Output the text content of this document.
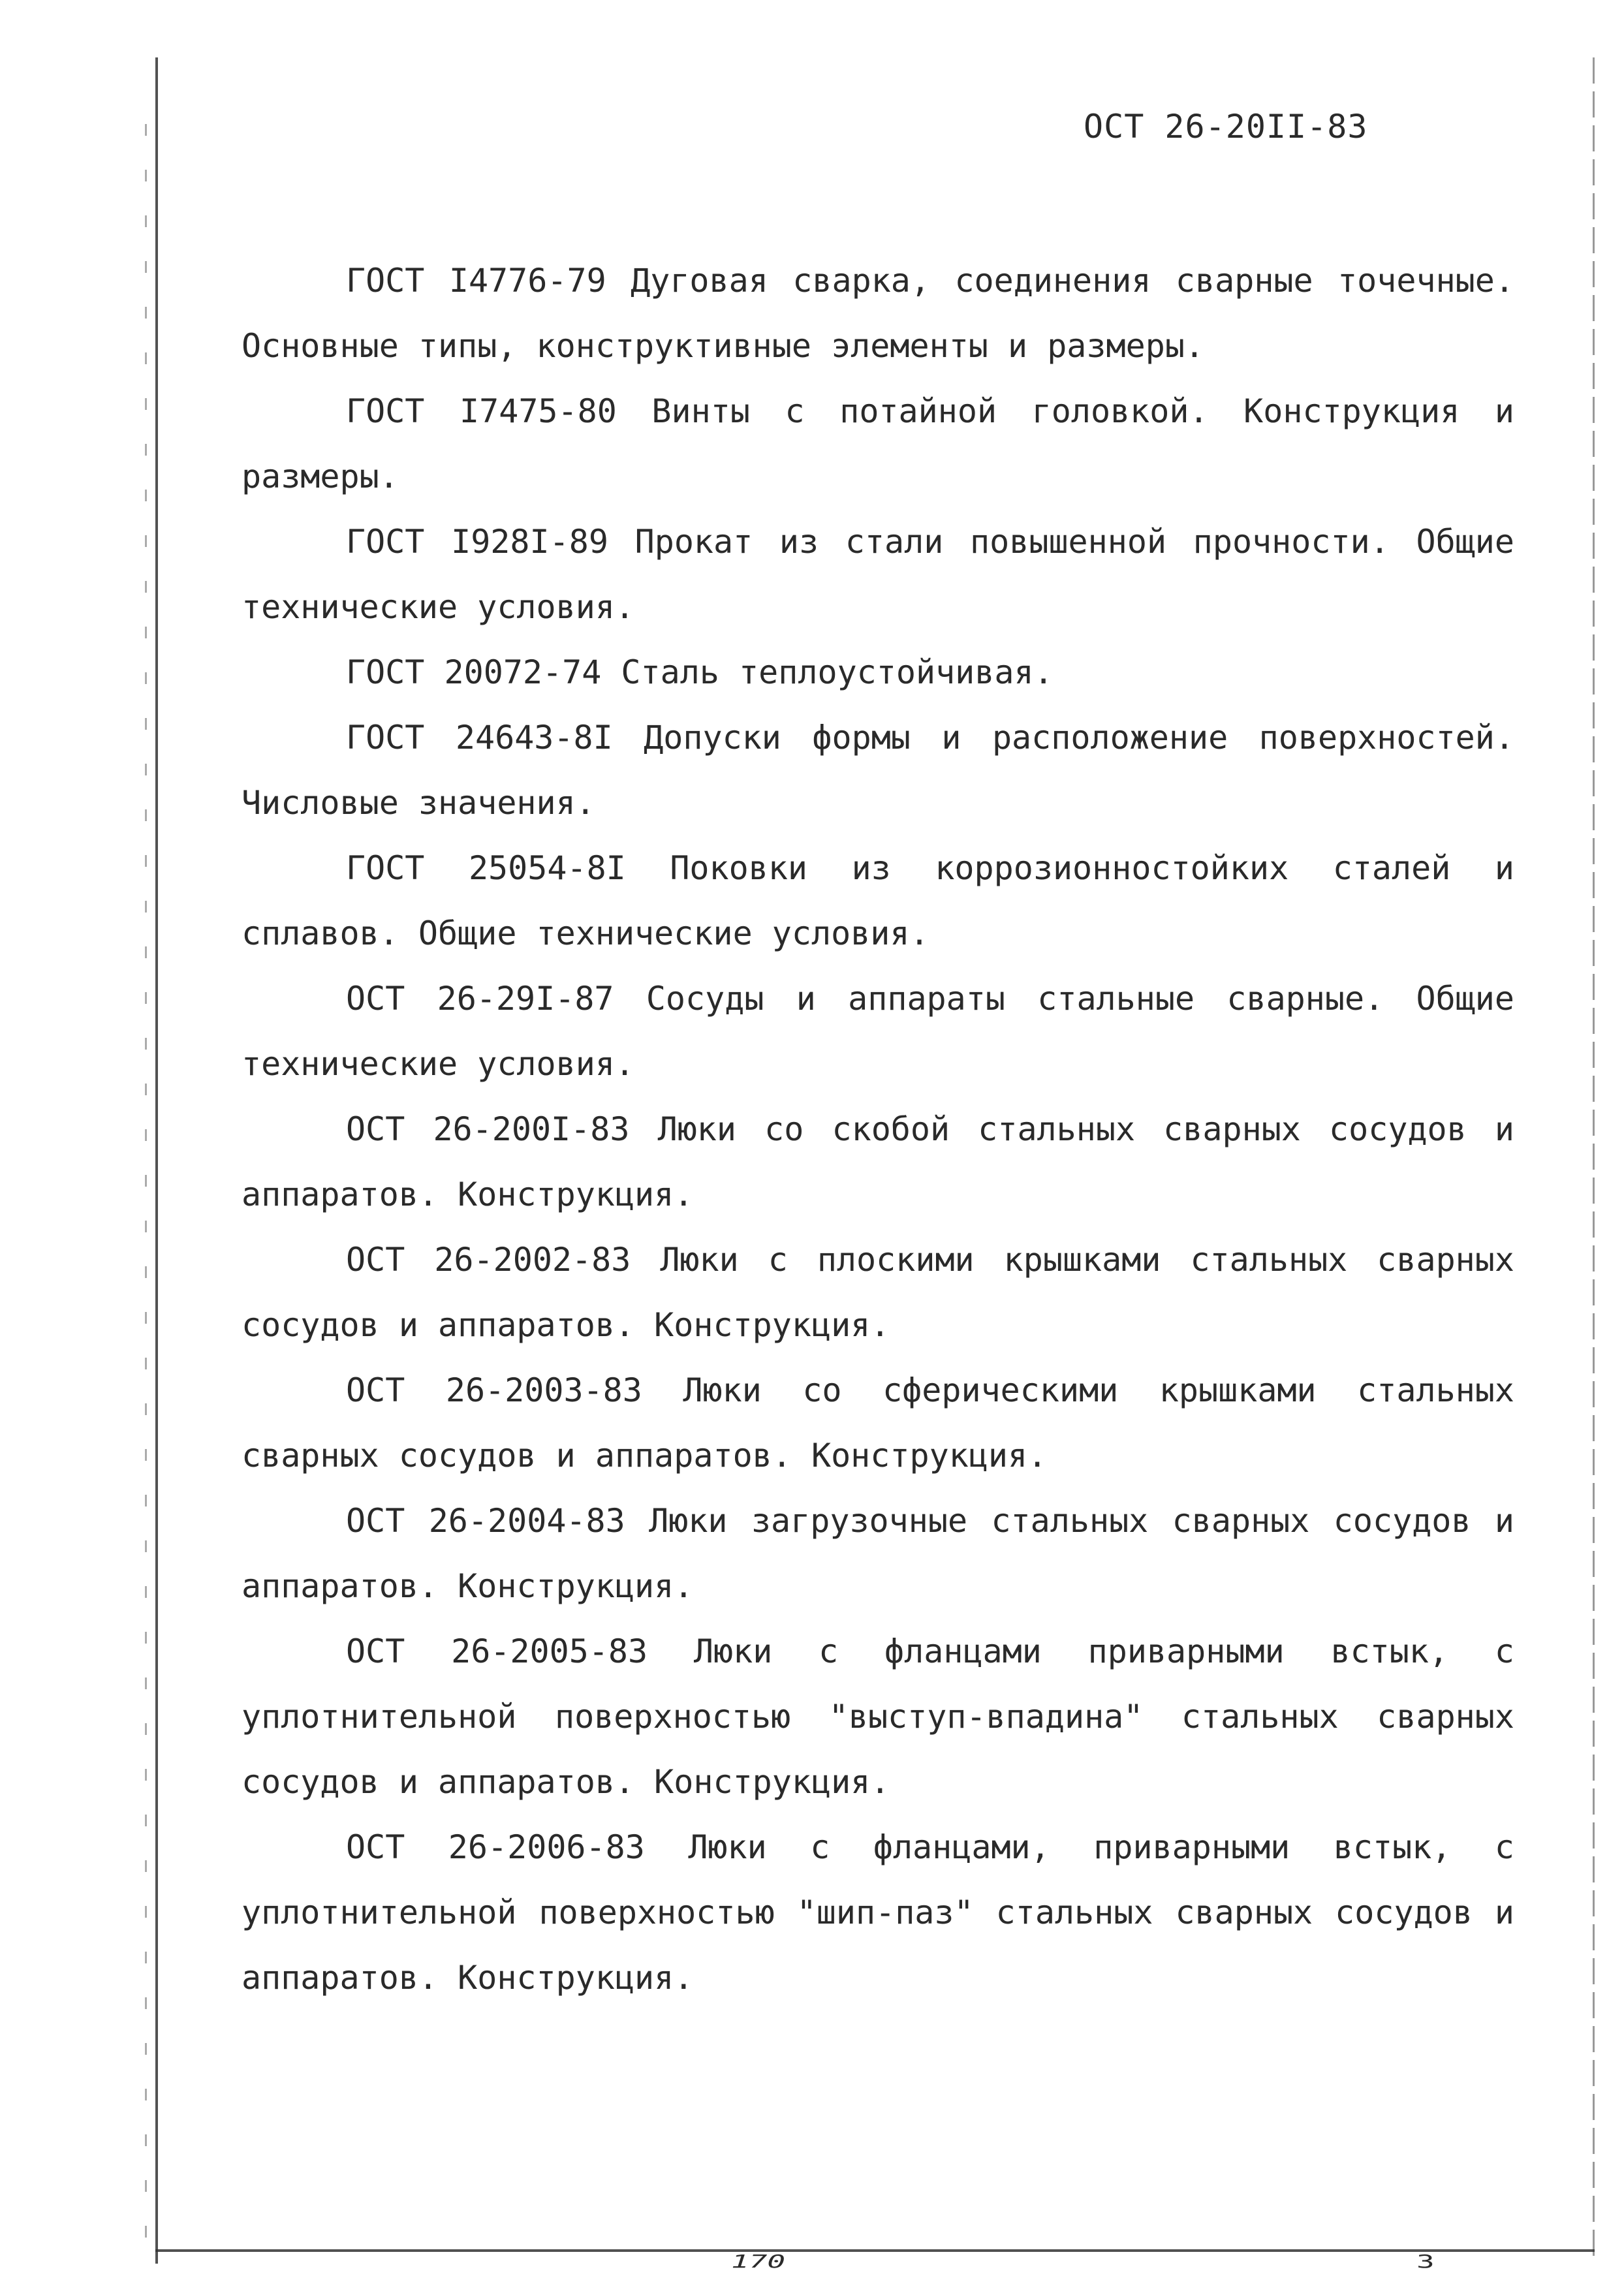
ОСТ 26-20II-83

ГОСТ I4776-79 Дуговая сварка, соединения сварные точечные. Основные типы, конструктивные элементы и размеры.

ГОСТ I7475-80 Винты с потайной головкой. Конструкция и размеры.

ГОСТ I928I-89 Прокат из стали повышенной прочности. Общие технические условия.

ГОСТ 20072-74 Сталь теплоустойчивая.

ГОСТ 24643-8I Допуски формы и расположение поверхностей. Числовые значения.

ГОСТ 25054-8I Поковки из коррозионностойких сталей и сплавов. Общие технические условия.

ОСТ 26-29I-87 Сосуды и аппараты стальные сварные. Общие технические условия.

ОСТ 26-200I-83 Люки со скобой стальных сварных сосудов и аппаратов. Конструкция.

ОСТ 26-2002-83 Люки с плоскими крышками стальных сварных сосудов и аппаратов. Конструкция.

ОСТ 26-2003-83 Люки со сферическими крышками стальных сварных сосудов и аппаратов. Конструкция.

ОСТ 26-2004-83 Люки загрузочные стальных сварных сосудов и аппаратов. Конструкция.

ОСТ 26-2005-83 Люки с фланцами приварными встык, с уплотнительной поверхностью "выступ-впадина" стальных сварных сосудов и аппаратов. Конструкция.

ОСТ 26-2006-83 Люки с фланцами, приварными встык, с уплотнительной поверхностью "шип-паз" стальных сварных сосудов и аппаратов. Конструкция.

170	3
